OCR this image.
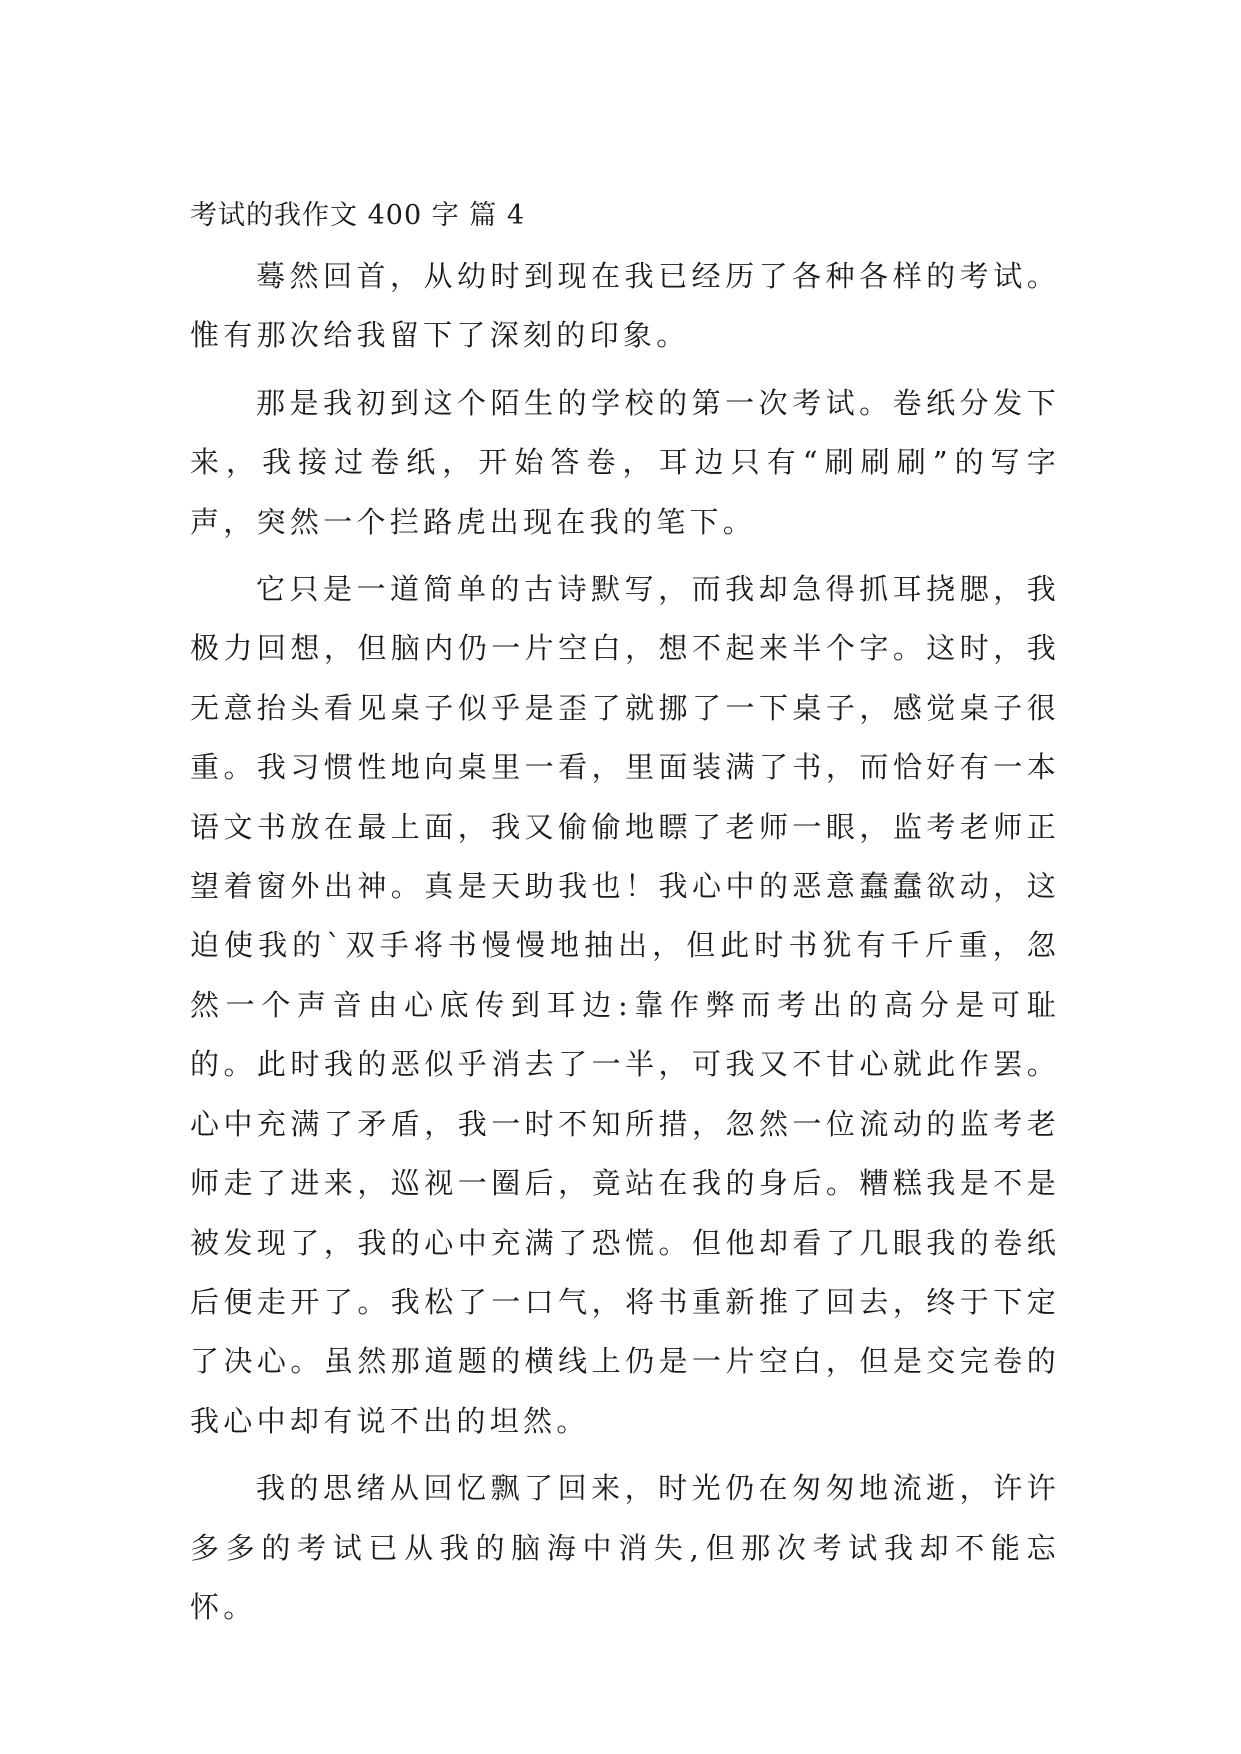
考试的我作文 400 字 篇 4

蓦然回首，从幼时到现在我已经历了各种各样的考试。惟有那次给我留下了深刻的印象。

那是我初到这个陌生的学校的第一次考试。卷纸分发下来，我接过卷纸，开始答卷，耳边只有“刷刷刷”的写字声，突然一个拦路虎出现在我的笔下。

它只是一道简单的古诗默写，而我却急得抓耳挠腮，我极力回想，但脑内仍一片空白，想不起来半个字。这时，我无意抬头看见桌子似乎是歪了就挪了一下桌子，感觉桌子很重。我习惯性地向桌里一看，里面装满了书，而恰好有一本语文书放在最上面，我又偷偷地瞟了老师一眼，监考老师正望着窗外出神。真是天助我也！我心中的恶意蠢蠢欲动，这迫使我的`双手将书慢慢地抽出，但此时书犹有千斤重，忽然一个声音由心底传到耳边:靠作弊而考出的高分是可耻的。此时我的恶似乎消去了一半，可我又不甘心就此作罢。心中充满了矛盾，我一时不知所措，忽然一位流动的监考老师走了进来，巡视一圈后，竟站在我的身后。糟糕我是不是被发现了，我的心中充满了恐慌。但他却看了几眼我的卷纸后便走开了。我松了一口气，将书重新推了回去，终于下定了决心。虽然那道题的横线上仍是一片空白，但是交完卷的我心中却有说不出的坦然。

我的思绪从回忆飘了回来，时光仍在匆匆地流逝，许许多多的考试已从我的脑海中消失,但那次考试我却不能忘怀。
